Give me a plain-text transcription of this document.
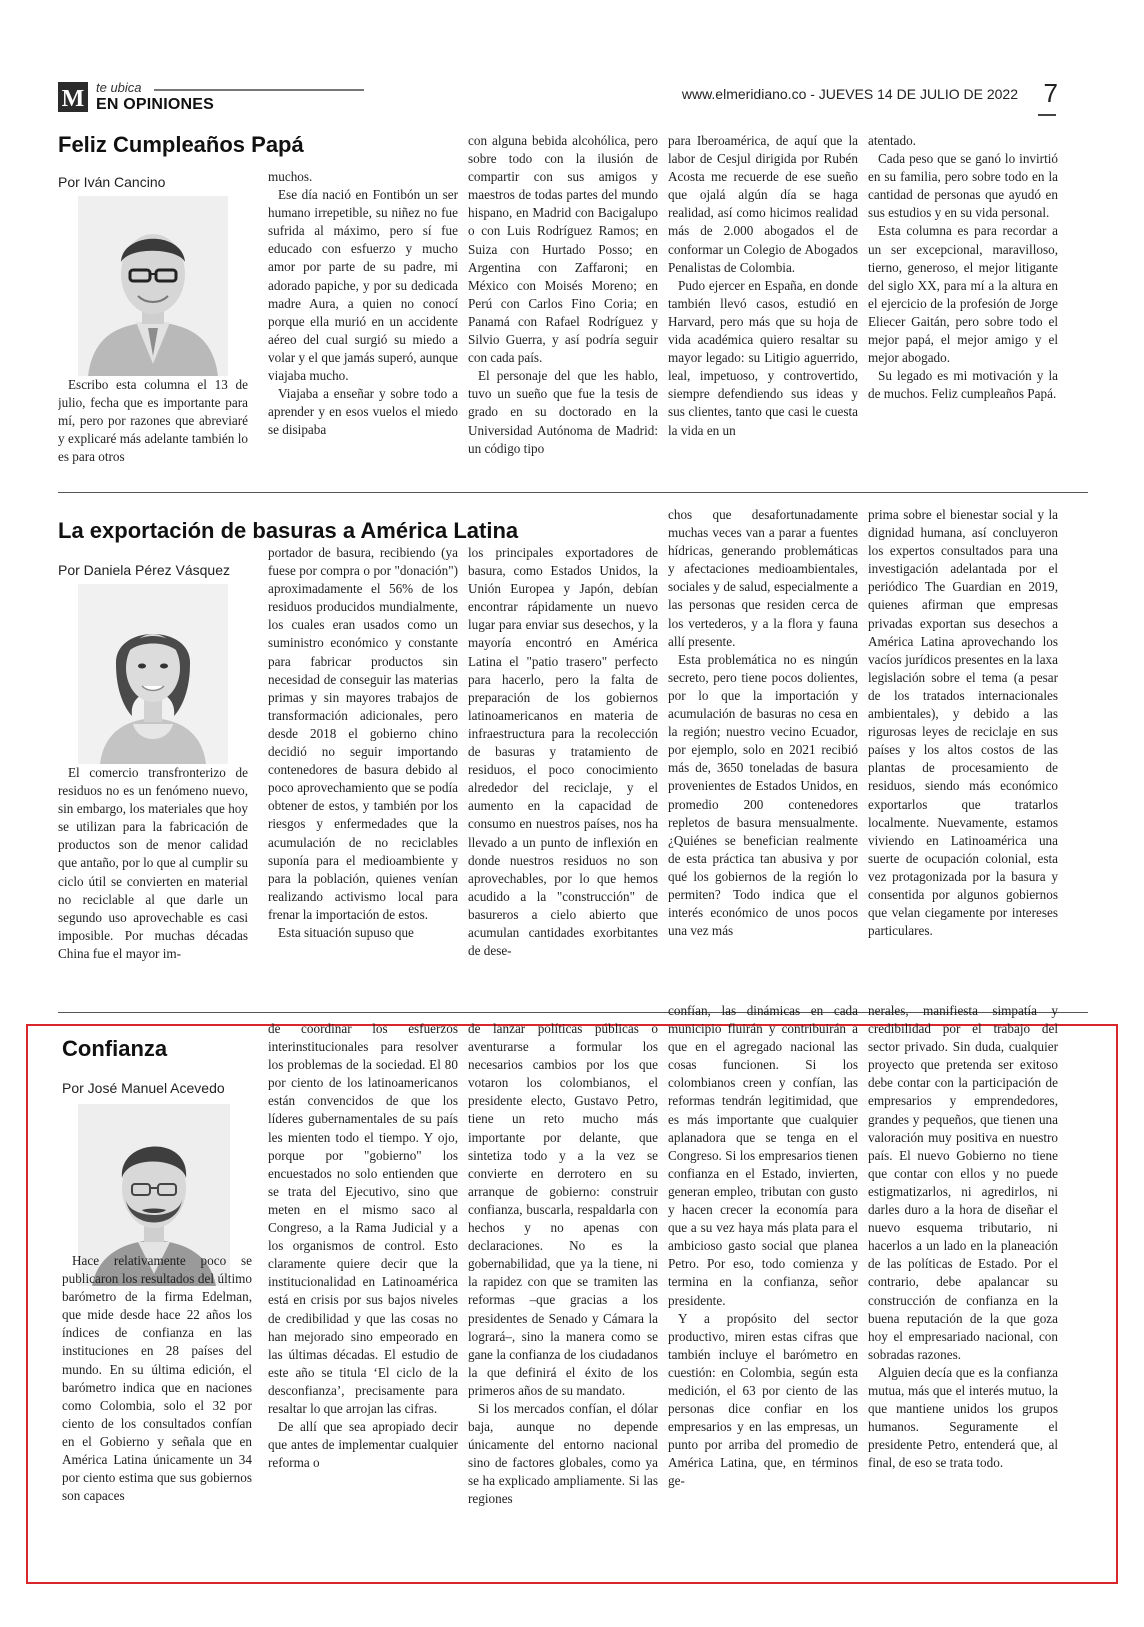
M te ubica
EN OPINIONES
www.elmeridiano.co - JUEVES 14 DE JULIO DE 2022 7
Feliz Cumpleaños Papá
Por Iván Cancino

Escribo esta columna el 13 de julio, fecha que es importante para mí, pero por razones que abreviaré y explicaré más adelante también lo es para otros

muchos.

Ese día nació en Fontibón un ser humano irrepetible, su niñez no fue sufrida al máximo, pero sí fue educado con esfuerzo y mucho amor por parte de su padre, mi adorado papiche, y por su dedicada madre Aura, a quien no conocí porque ella murió en un accidente aéreo del cual surgió su miedo a volar y el que jamás superó, aunque viajaba mucho.

Viajaba a enseñar y sobre todo a aprender y en esos vuelos el miedo se disipaba

con alguna bebida alcohólica, pero sobre todo con la ilusión de compartir con sus amigos y maestros de todas partes del mundo hispano, en Madrid con Bacigalupo o con Luis Rodríguez Ramos; en Suiza con Hurtado Posso; en Argentina con Zaffaroni; en México con Moisés Moreno; en Perú con Carlos Fino Coria; en Panamá con Rafael Rodríguez y Silvio Guerra, y así podría seguir con cada país.

El personaje del que les hablo, tuvo un sueño que fue la tesis de grado en su doctorado en la Universidad Autónoma de Madrid: un código tipo

para Iberoamérica, de aquí que la labor de Cesjul dirigida por Rubén Acosta me recuerde de ese sueño que ojalá algún día se haga realidad, así como hicimos realidad más de 2.000 abogados el de conformar un Colegio de Abogados Penalistas de Colombia.

Pudo ejercer en España, en donde también llevó casos, estudió en Harvard, pero más que su hoja de vida académica quiero resaltar su mayor legado: su Litigio aguerrido, leal, impetuoso, y controvertido, siempre defendiendo sus ideas y sus clientes, tanto que casi le cuesta la vida en un

atentado.

Cada peso que se ganó lo invirtió en su familia, pero sobre todo en la cantidad de personas que ayudó en sus estudios y en su vida personal.

Esta columna es para recordar a un ser excepcional, maravilloso, tierno, generoso, el mejor litigante del siglo XX, para mí a la altura en el ejercicio de la profesión de Jorge Eliecer Gaitán, pero sobre todo el mejor papá, el mejor amigo y el mejor abogado.

Su legado es mi motivación y la de muchos. Feliz cumpleaños Papá.

La exportación de basuras a América Latina
Por Daniela Pérez Vásquez

El comercio transfronterizo de residuos no es un fenómeno nuevo, sin embargo, los materiales que hoy se utilizan para la fabricación de productos son de menor calidad que antaño, por lo que al cumplir su ciclo útil se convierten en material no reciclable al que darle un segundo uso aprovechable es casi imposible. Por muchas décadas China fue el mayor im-

portador de basura, recibiendo (ya fuese por compra o por "donación") aproximadamente el 56% de los residuos producidos mundialmente, los cuales eran usados como un suministro económico y constante para fabricar productos sin necesidad de conseguir las materias primas y sin mayores trabajos de transformación adicionales, pero desde 2018 el gobierno chino decidió no seguir importando contenedores de basura debido al poco aprovechamiento que se podía obtener de estos, y también por los riesgos y enfermedades que la acumulación de no reciclables suponía para el medioambiente y para la población, quienes venían realizando activismo local para frenar la importación de estos.

Esta situación supuso que

los principales exportadores de basura, como Estados Unidos, la Unión Europea y Japón, debían encontrar rápidamente un nuevo lugar para enviar sus desechos, y la mayoría encontró en América Latina el "patio trasero" perfecto para hacerlo, pero la falta de preparación de los gobiernos latinoamericanos en materia de infraestructura para la recolección de basuras y tratamiento de residuos, el poco conocimiento alrededor del reciclaje, y el aumento en la capacidad de consumo en nuestros países, nos ha llevado a un punto de inflexión en donde nuestros residuos no son aprovechables, por lo que hemos acudido a la "construcción" de basureros a cielo abierto que acumulan cantidades exorbitantes de dese-

chos que desafortunadamente muchas veces van a parar a fuentes hídricas, generando problemáticas y afectaciones medioambientales, sociales y de salud, especialmente a las personas que residen cerca de los vertederos, y a la flora y fauna allí presente.

Esta problemática no es ningún secreto, pero tiene pocos dolientes, por lo que la importación y acumulación de basuras no cesa en la región; nuestro vecino Ecuador, por ejemplo, solo en 2021 recibió más de, 3650 toneladas de basura provenientes de Estados Unidos, en promedio 200 contenedores repletos de basura mensualmente. ¿Quiénes se benefician realmente de esta práctica tan abusiva y por qué los gobiernos de la región lo permiten? Todo indica que el interés económico de unos pocos una vez más

prima sobre el bienestar social y la dignidad humana, así concluyeron los expertos consultados para una investigación adelantada por el periódico The Guardian en 2019, quienes afirman que empresas privadas exportan sus desechos a América Latina aprovechando los vacíos jurídicos presentes en la laxa legislación sobre el tema (a pesar de los tratados internacionales ambientales), y debido a las rigurosas leyes de reciclaje en sus países y los altos costos de las plantas de procesamiento de residuos, siendo más económico exportarlos que tratarlos localmente. Nuevamente, estamos viviendo en Latinoamérica una suerte de ocupación colonial, esta vez protagonizada por la basura y consentida por algunos gobiernos que velan ciegamente por intereses particulares.

Confianza
Por José Manuel Acevedo

Hace relativamente poco se publicaron los resultados del último barómetro de la firma Edelman, que mide desde hace 22 años los índices de confianza en las instituciones en 28 países del mundo. En su última edición, el barómetro indica que en naciones como Colombia, solo el 32 por ciento de los consultados confían en el Gobierno y señala que en América Latina únicamente un 34 por ciento estima que sus gobiernos son capaces

de coordinar los esfuerzos interinstitucionales para resolver los problemas de la sociedad. El 80 por ciento de los latinoamericanos están convencidos de que los líderes gubernamentales de su país les mienten todo el tiempo. Y ojo, porque por "gobierno" los encuestados no solo entienden que se trata del Ejecutivo, sino que meten en el mismo saco al Congreso, a la Rama Judicial y a los organismos de control. Esto claramente quiere decir que la institucionalidad en Latinoamérica está en crisis por sus bajos niveles de credibilidad y que las cosas no han mejorado sino empeorado en las últimas décadas. El estudio de este año se titula ‘El ciclo de la desconfianza’, precisamente para resaltar lo que arrojan las cifras.

De allí que sea apropiado decir que antes de implementar cualquier reforma o

de lanzar políticas públicas o aventurarse a formular los necesarios cambios por los que votaron los colombianos, el presidente electo, Gustavo Petro, tiene un reto mucho más importante por delante, que sintetiza todo y a la vez se convierte en derrotero en su arranque de gobierno: construir confianza, buscarla, respaldarla con hechos y no apenas con declaraciones. No es la gobernabilidad, que ya la tiene, ni la rapidez con que se tramiten las reformas –que gracias a los presidentes de Senado y Cámara la logrará–, sino la manera como se gane la confianza de los ciudadanos la que definirá el éxito de los primeros años de su mandato.

Si los mercados confían, el dólar baja, aunque no depende únicamente del entorno nacional sino de factores globales, como ya se ha explicado ampliamente. Si las regiones

confían, las dinámicas en cada municipio fluirán y contribuirán a que en el agregado nacional las cosas funcionen. Si los colombianos creen y confían, las reformas tendrán legitimidad, que es más importante que cualquier aplanadora que se tenga en el Congreso. Si los empresarios tienen confianza en el Estado, invierten, generan empleo, tributan con gusto y hacen crecer la economía para que a su vez haya más plata para el ambicioso gasto social que planea Petro. Por eso, todo comienza y termina en la confianza, señor presidente.

Y a propósito del sector productivo, miren estas cifras que también incluye el barómetro en cuestión: en Colombia, según esta medición, el 63 por ciento de las personas dice confiar en los empresarios y en las empresas, un punto por arriba del promedio de América Latina, que, en términos ge-

nerales, manifiesta simpatía y credibilidad por el trabajo del sector privado. Sin duda, cualquier proyecto que pretenda ser exitoso debe contar con la participación de empresarios y emprendedores, grandes y pequeños, que tienen una valoración muy positiva en nuestro país. El nuevo Gobierno no tiene que contar con ellos y no puede estigmatizarlos, ni agredirlos, ni darles duro a la hora de diseñar el nuevo esquema tributario, ni hacerlos a un lado en la planeación de las políticas de Estado. Por el contrario, debe apalancar su construcción de confianza en la buena reputación de la que goza hoy el empresariado nacional, con sobradas razones.

Alguien decía que es la confianza mutua, más que el interés mutuo, la que mantiene unidos los grupos humanos. Seguramente el presidente Petro, entenderá que, al final, de eso se trata todo.
